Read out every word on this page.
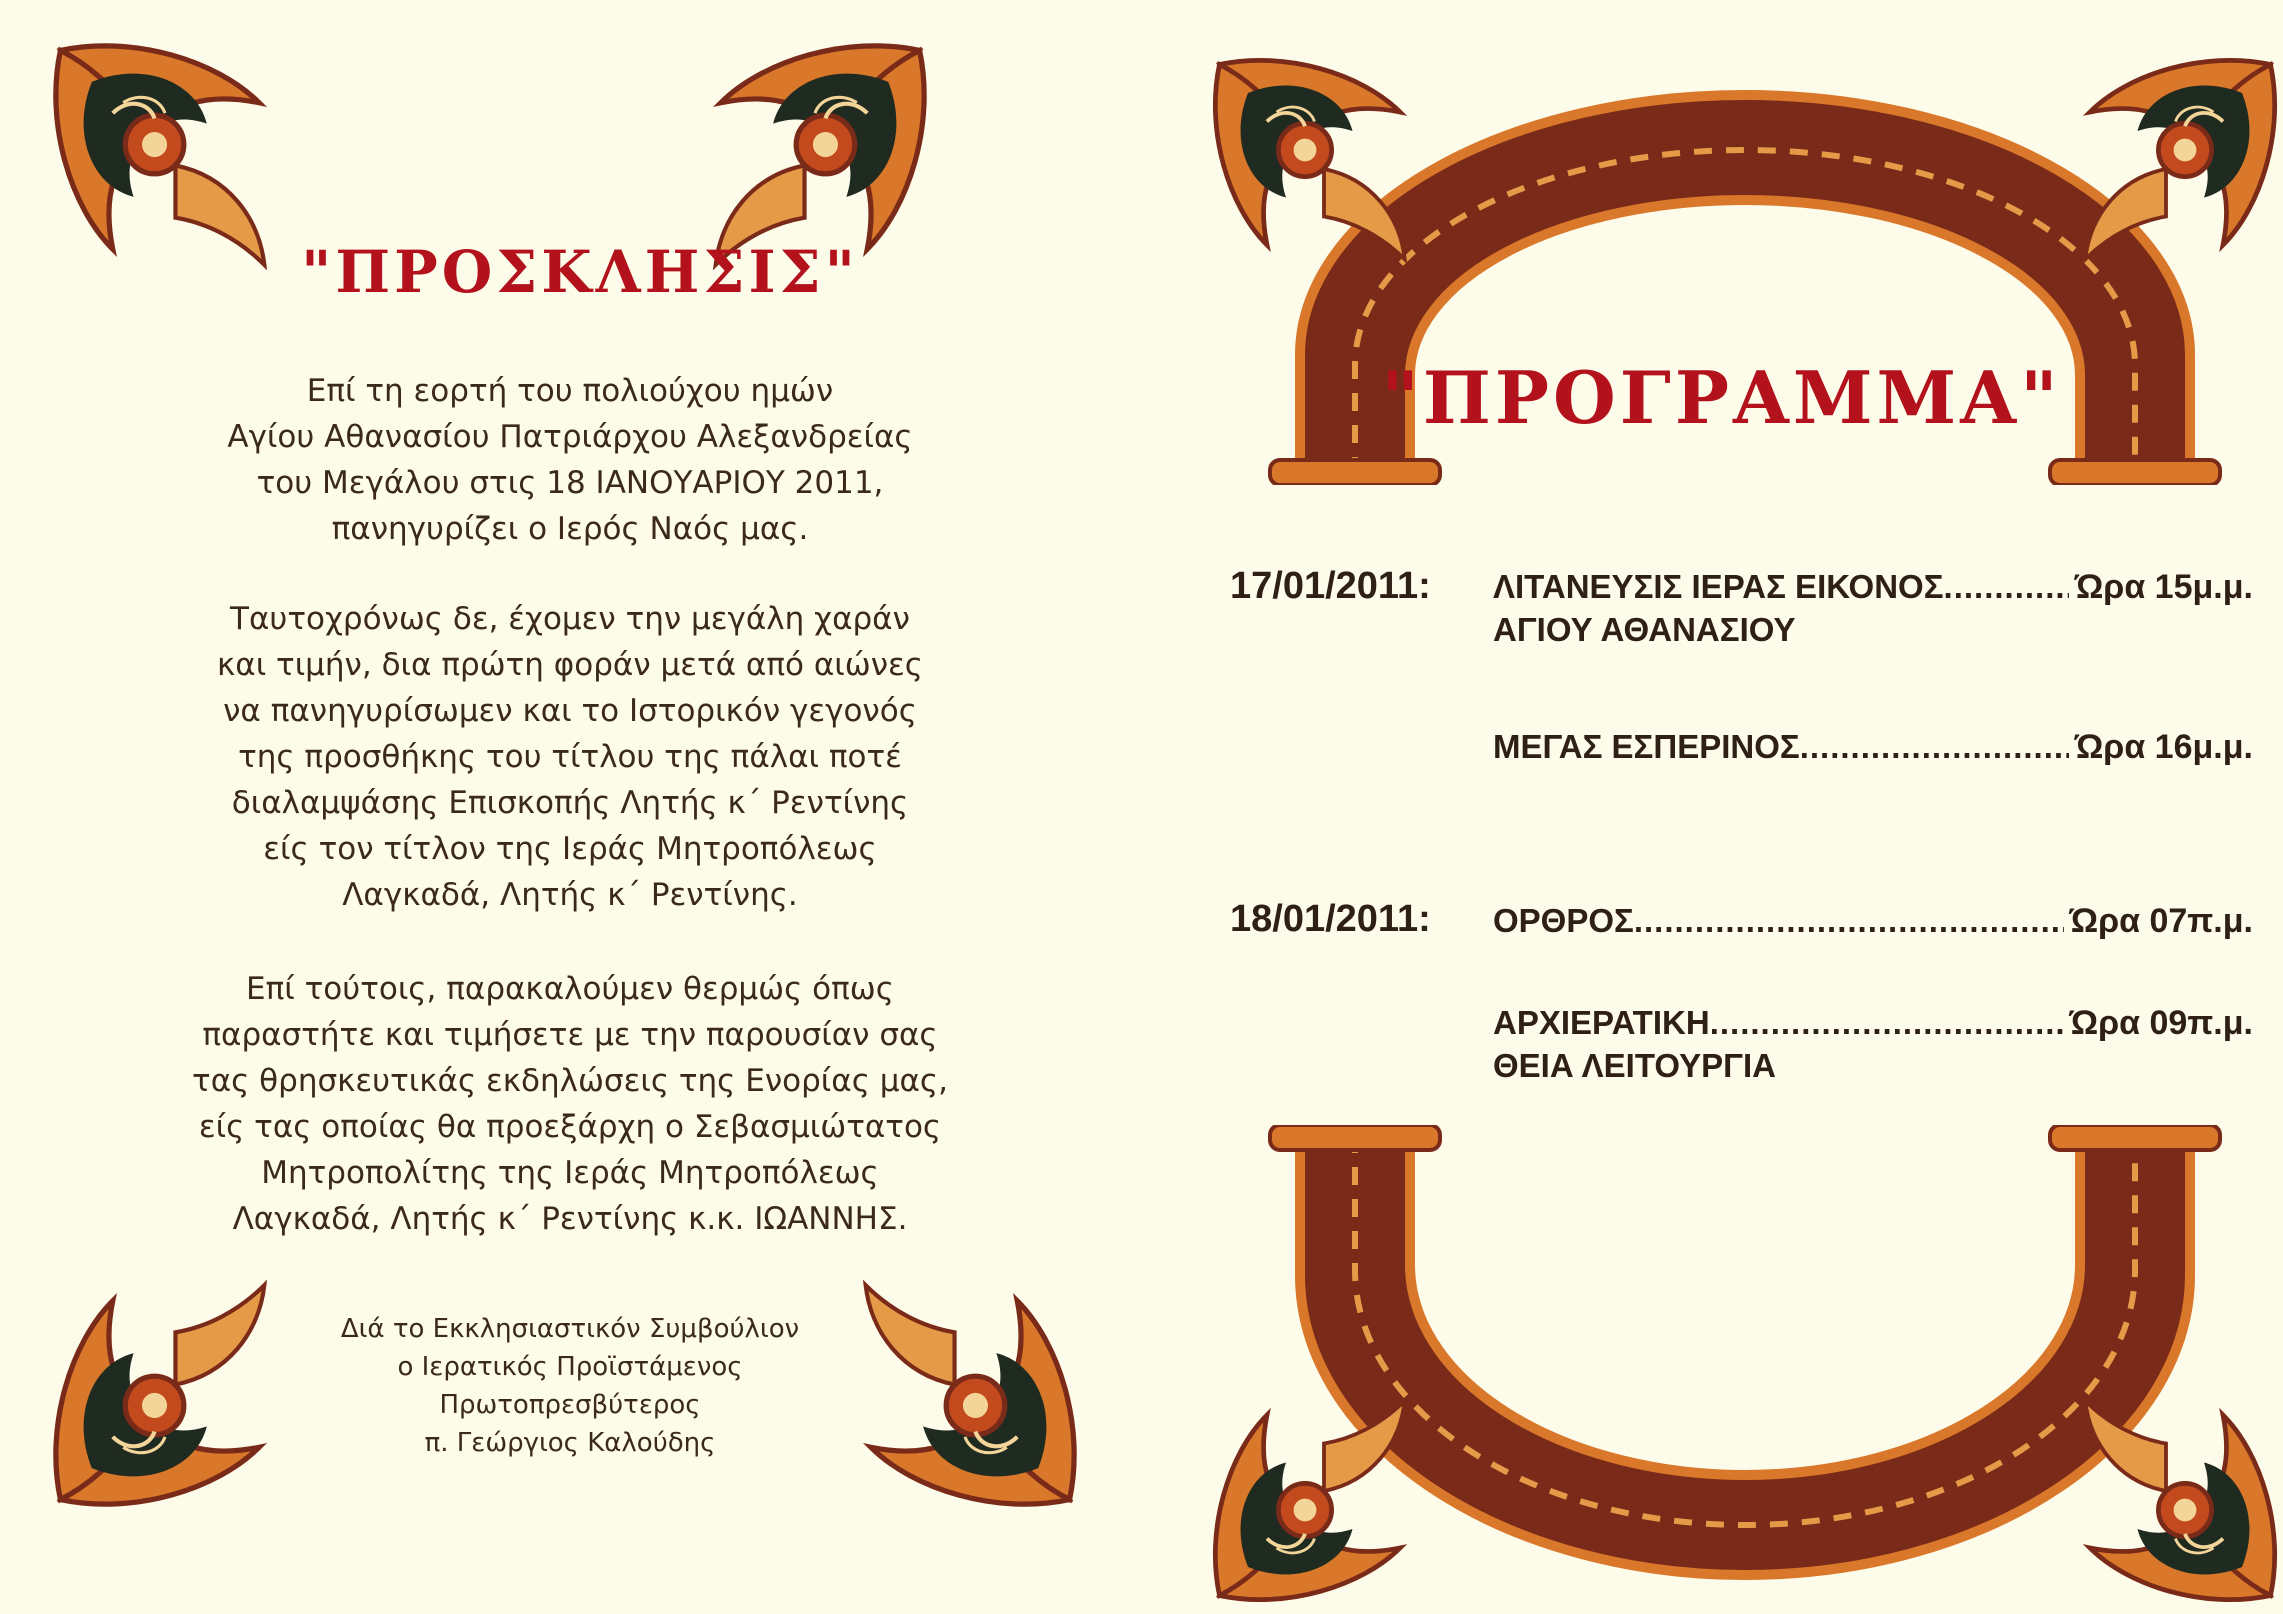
"ΠΡΟΣΚΛΗΣΙΣ"
Επί τη εορτή του πολιούχου ημών
Αγίου Αθανασίου Πατριάρχου Αλεξανδρείας
του Μεγάλου στις 18 ΙΑΝΟΥΑΡΙΟΥ 2011,
πανηγυρίζει ο Ιερός Ναός μας.
Ταυτοχρόνως δε, έχομεν την μεγάλη χαράν
και τιμήν, δια πρώτη φοράν μετά από αιώνες
να πανηγυρίσωμεν και το Ιστορικόν γεγονός
της προσθήκης του τίτλου της πάλαι ποτέ
διαλαμψάσης Επισκοπής Λητής κ΄ Ρεντίνης
είς τον τίτλον της Ιεράς Μητροπόλεως
Λαγκαδά, Λητής κ΄ Ρεντίνης.
Επί τούτοις, παρακαλούμεν θερμώς όπως
παραστήτε και τιμήσετε με την παρουσίαν σας
τας θρησκευτικάς εκδηλώσεις της Ενορίας μας,
είς τας οποίας θα προεξάρχη ο Σεβασμιώτατος
Μητροπολίτης της Ιεράς Μητροπόλεως
Λαγκαδά, Λητής κ΄ Ρεντίνης κ.κ. ΙΩΑΝΝΗΣ.
Διά το Εκκλησιαστικόν Συμβούλιον
ο Ιερατικός Προϊστάμενος
Πρωτοπρεσβύτερος
π. Γεώργιος Καλούδης
"ΠΡΟΓΡΑΜΜΑ"
17/01/2011: ΛΙΤΑΝΕΥΣΙΣ ΙΕΡΑΣ ΕΙΚΟΝΟΣ .....	Ώρα 15μ.μ.
ΑΓΙΟΥ ΑΘΑΝΑΣΙΟΥ
ΜΕΓΑΣ ΕΣΠΕΡΙΝΟΣ .....	Ώρα 16μ.μ.
18/01/2011: ΟΡΘΡΟΣ .....	Ώρα 07π.μ.
ΑΡΧΙΕΡΑΤΙΚΗ .....	Ώρα 09π.μ.
ΘΕΙΑ ΛΕΙΤΟΥΡΓΙΑ
